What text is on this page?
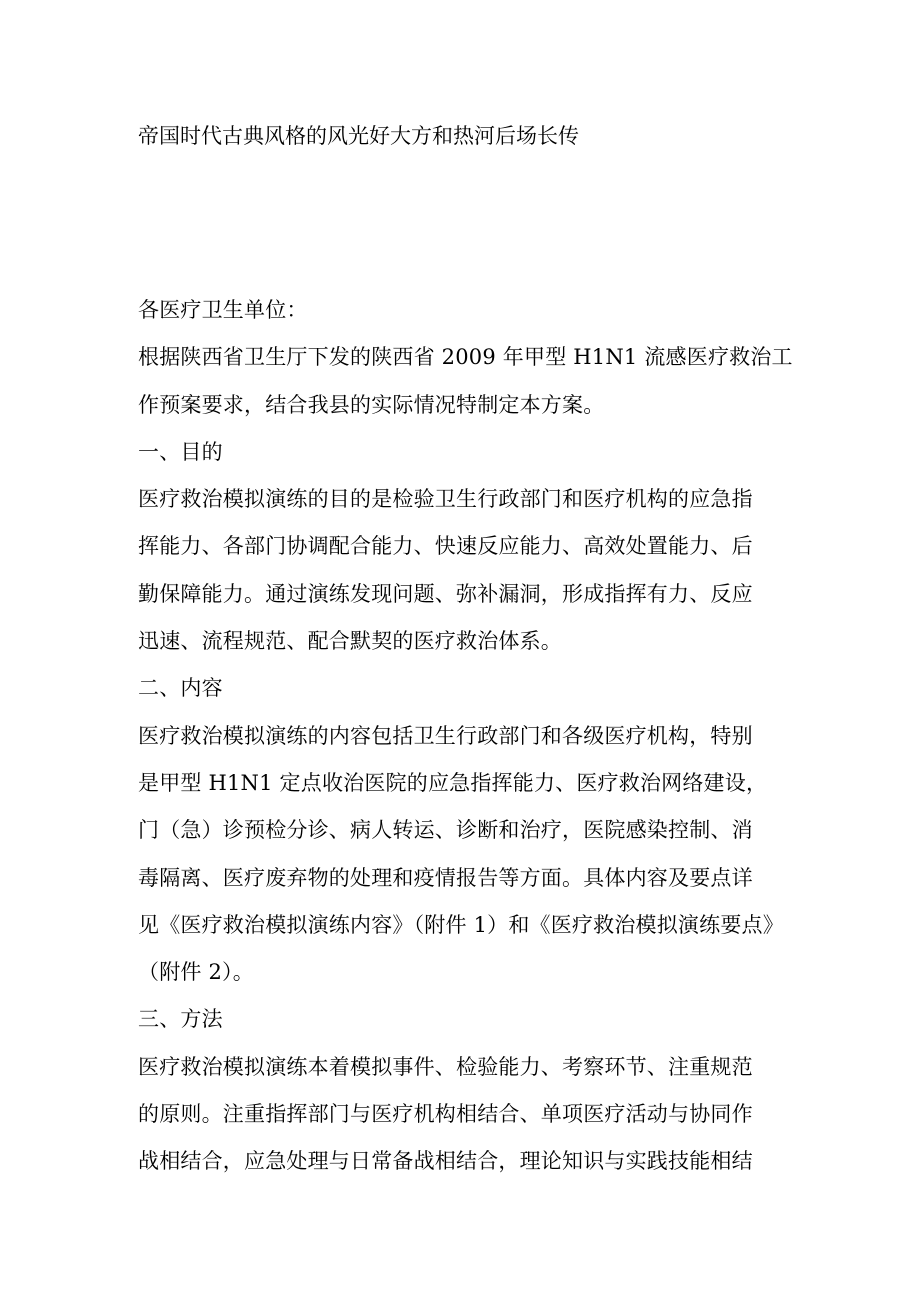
帝国时代古典风格的风光好大方和热河后场长传
各医疗卫生单位：
根据陕西省卫生厅下发的陕西省 2009 年甲型 H1N1 流感医疗救治工
作预案要求，结合我县的实际情况特制定本方案。
一、目的
医疗救治模拟演练的目的是检验卫生行政部门和医疗机构的应急指
挥能力、各部门协调配合能力、快速反应能力、高效处置能力、后
勤保障能力。通过演练发现问题、弥补漏洞，形成指挥有力、反应
迅速、流程规范、配合默契的医疗救治体系。
二、内容
医疗救治模拟演练的内容包括卫生行政部门和各级医疗机构，特别
是甲型 H1N1 定点收治医院的应急指挥能力、医疗救治网络建设，
门（急）诊预检分诊、病人转运、诊断和治疗，医院感染控制、消
毒隔离、医疗废弃物的处理和疫情报告等方面。具体内容及要点详
见《医疗救治模拟演练内容》（附件 1）和《医疗救治模拟演练要点》
（附件 2）。
三、方法
医疗救治模拟演练本着模拟事件、检验能力、考察环节、注重规范
的原则。注重指挥部门与医疗机构相结合、单项医疗活动与协同作
战相结合，应急处理与日常备战相结合，理论知识与实践技能相结
